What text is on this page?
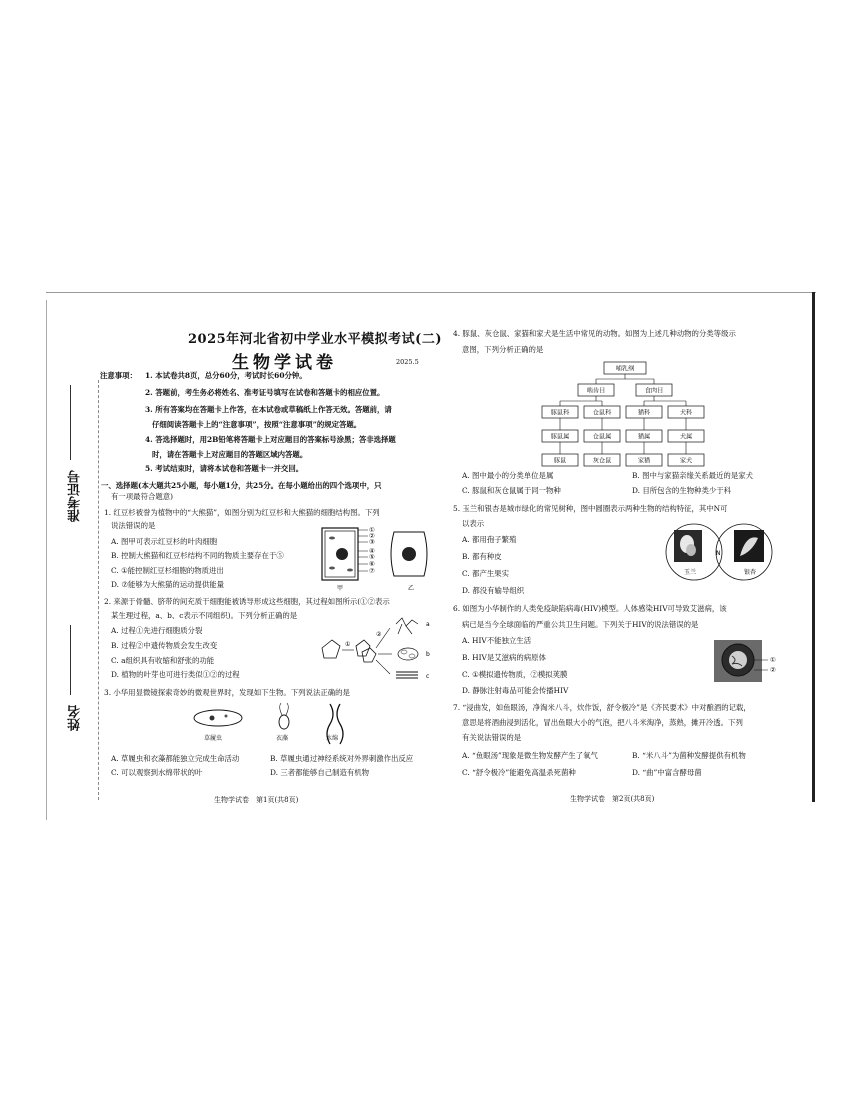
准考证号
姓名
2025年河北省初中学业水平模拟考试(二)
生物学试卷	2025.5
注意事项： 1. 本试卷共8页，总分60分，考试时长60分钟。
2. 答题前，考生务必将姓名、准考证号填写在试卷和答题卡的相应位置。
3. 所有答案均在答题卡上作答，在本试卷或草稿纸上作答无效。答题前，请
仔细阅读答题卡上的“注意事项”，按照“注意事项”的规定答题。
4. 答选择题时，用2B铅笔将答题卡上对应题目的答案标号涂黑；答非选择题
时，请在答题卡上对应题目的答题区域内答题。
5. 考试结束时，请将本试卷和答题卡一并交回。
一、选择题(本大题共25小题，每小题1分，共25分。在每小题给出的四个选项中，只
有一项最符合题意)
1. 红豆杉被誉为植物中的“大熊猫”，如图分别为红豆杉和大熊猫的细胞结构图。下列
说法错误的是
A. 图甲可表示红豆杉的叶肉细胞
B. 控制大熊猫和红豆杉结构不同的物质主要存在于⑤
C. ①能控制红豆杉细胞的物质进出
D. ⑦能够为大熊猫的运动提供能量
①
②
③
④
⑤
⑥
⑦
甲	乙
2. 来源于骨髓、脐带的间充质干细胞能被诱导形成这些细胞，其过程如图所示(①②表示
某生理过程，a、b、c表示不同组织)。下列分析正确的是
A. 过程①先进行细胞质分裂
B. 过程②中遗传物质会发生改变
C. a组织具有收缩和舒张的功能
D. 植物的叶芽也可进行类似①②的过程
①
②
a
b
c
3. 小华用显微镜探索奇妙的微观世界时，发现如下生物。下列说法正确的是
草履虫	衣藻	水绵
A. 草履虫和衣藻都能独立完成生命活动	B. 草履虫通过神经系统对外界刺激作出反应
C. 可以观察到水绵带状的叶	D. 三者都能够自己制造有机物
生物学试卷　第1页(共8页)
4. 豚鼠、灰仓鼠、家猫和家犬是生活中常见的动物。如图为上述几种动物的分类等级示
意图，下列分析正确的是
哺乳纲
啮齿目	食肉目
豚鼠科	仓鼠科	猫科	犬科
豚鼠属	仓鼠属	猫属	犬属
豚鼠	灰仓鼠	家猫	家犬
A. 图中最小的分类单位是属	B. 图中与家猫亲缘关系最近的是家犬
C. 豚鼠和灰仓鼠属于同一物种	D. 目所包含的生物种类少于科
5. 玉兰和银杏是城市绿化的常见树种，图中圆圈表示两种生物的结构特征，其中N可
以表示
A. 都用孢子繁殖
B. 都有种皮
C. 都产生果实
D. 都没有输导组织
N
玉兰	银杏
6. 如图为小华制作的人类免疫缺陷病毒(HIV)模型。人体感染HIV可导致艾滋病，该
病已是当今全球面临的严重公共卫生问题。下列关于HIV的说法错误的是
A. HIV不能独立生活
B. HIV是艾滋病的病原体
C. ①模拟遗传物质，②模拟荚膜
D. 静脉注射毒品可能会传播HIV
①
②
7. “浸曲发，如鱼眼汤，净淘米八斗，炊作饭，舒令极冷”是《齐民要术》中对酿酒的记载，
意思是将酒曲浸到活化，冒出鱼眼大小的气泡，把八斗米淘净，蒸熟，摊开冷透。下列
有关说法错误的是
A. “鱼眼汤”现象是微生物发酵产生了氧气	B. “米八斗”为菌种发酵提供有机物
C. “舒令极冷”能避免高温杀死菌种	D. “曲”中富含酵母菌
生物学试卷　第2页(共8页)
